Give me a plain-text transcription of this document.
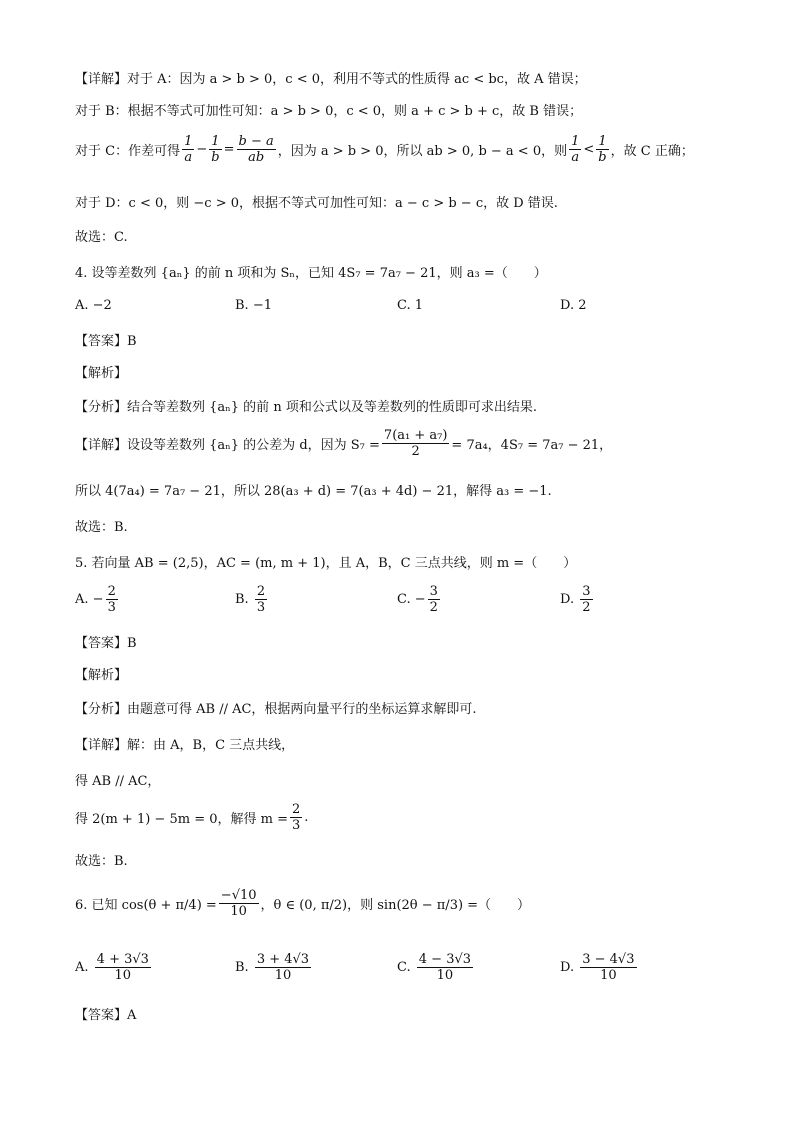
【详解】对于 A：因为 a > b > 0，c < 0，利用不等式的性质得 ac < bc，故 A 错误；
对于 B：根据不等式可加性可知：a > b > 0，c < 0，则 a + c > b + c，故 B 错误；
对于 C：作差可得 $\frac{1}{a} - \frac{1}{b} = \frac{b - a}{ab}$ ，因为 a > b > 0，所以 ab > 0, b − a < 0，则 $\frac{1}{a} < \frac{1}{b}$ ，故 C 正确；
对于 D：c < 0，则 −c > 0，根据不等式可加性可知：a − c > b − c，故 D 错误.
故选：C.
4. 设等差数列 {aₙ} 的前 n 项和为 Sₙ，已知 4S₇ = 7a₇ − 21，则 a₃ =（　　）
A. −2	B. −1	C. 1	D. 2
【答案】B
【解析】
【分析】结合等差数列 {aₙ} 的前 n 项和公式以及等差数列的性质即可求出结果.
【详解】设设等差数列 {aₙ} 的公差为 d，因为 $S_7 = \frac{\text{7(a₁ + a₇)}}{2} = 7a_4$，4S₇ = 7a₇ − 21，
所以 4(7a₄) = 7a₇ − 21，所以 28(a₃ + d) = 7(a₃ + 4d) − 21，解得 a₃ = −1.
故选：B.
5. 若向量 AB = (2,5)，AC = (m, m + 1)，且 A，B，C 三点共线，则 m =（　　）
A.
− $\frac{2}{3}$	B.
$\frac{2}{3}$	C.
− $\frac{3}{2}$	D.
$\frac{3}{2}$
【答案】B
【解析】
【分析】由题意可得 AB // AC，根据两向量平行的坐标运算求解即可.
【详解】解：由 A，B，C 三点共线，
得 AB // AC，
得 2(m + 1) − 5m = 0，解得 $m = \frac{2}{3}$ .
故选：B.
6. 已知 $\cos(\theta + \pi/4) = \frac{-√10}{10}$ ，θ ∈ (0, π/2)，则 sin(2θ − π/3) =（　　）
A.
$\frac{4 + 3√3}{10}$	B.
$\frac{3 + 4√3}{10}$	C.
$\frac{4 - 3√3}{10}$	D.
$\frac{3 - 4√3}{10}$
【答案】A
